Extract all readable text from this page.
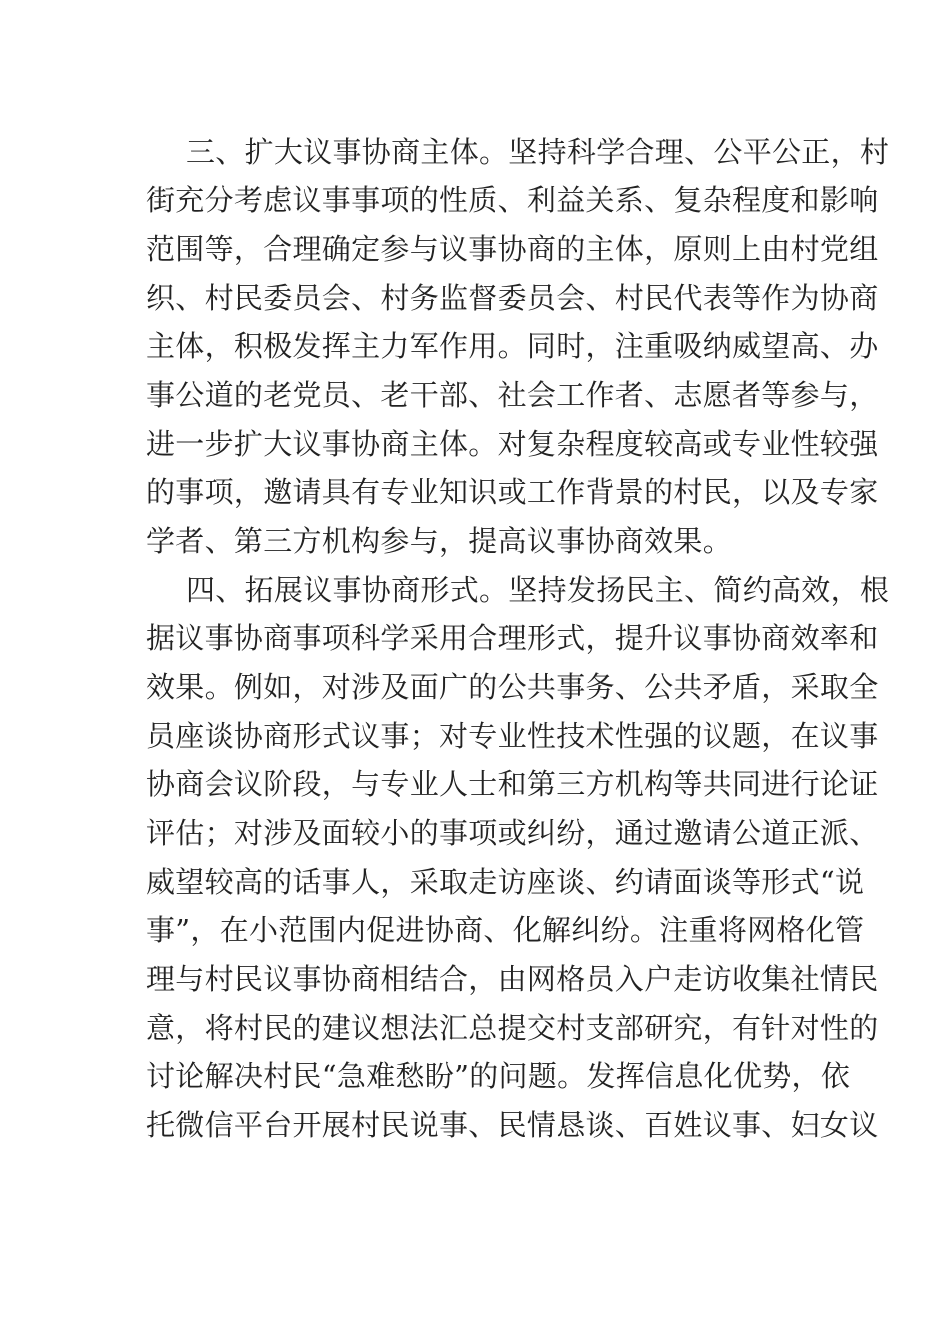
三、扩大议事协商主体。坚持科学合理、公平公正，村
街充分考虑议事事项的性质、利益关系、复杂程度和影响
范围等，合理确定参与议事协商的主体，原则上由村党组
织、村民委员会、村务监督委员会、村民代表等作为协商
主体，积极发挥主力军作用。同时，注重吸纳威望高、办
事公道的老党员、老干部、社会工作者、志愿者等参与，
进一步扩大议事协商主体。对复杂程度较高或专业性较强
的事项，邀请具有专业知识或工作背景的村民，以及专家
学者、第三方机构参与，提高议事协商效果。
四、拓展议事协商形式。坚持发扬民主、简约高效，根
据议事协商事项科学采用合理形式，提升议事协商效率和
效果。例如，对涉及面广的公共事务、公共矛盾，采取全
员座谈协商形式议事；对专业性技术性强的议题，在议事
协商会议阶段，与专业人士和第三方机构等共同进行论证
评估；对涉及面较小的事项或纠纷，通过邀请公道正派、
威望较高的话事人，采取走访座谈、约请面谈等形式“说
事”，在小范围内促进协商、化解纠纷。注重将网格化管
理与村民议事协商相结合，由网格员入户走访收集社情民
意，将村民的建议想法汇总提交村支部研究，有针对性的
讨论解决村民“急难愁盼”的问题。发挥信息化优势，依
托微信平台开展村民说事、民情恳谈、百姓议事、妇女议
